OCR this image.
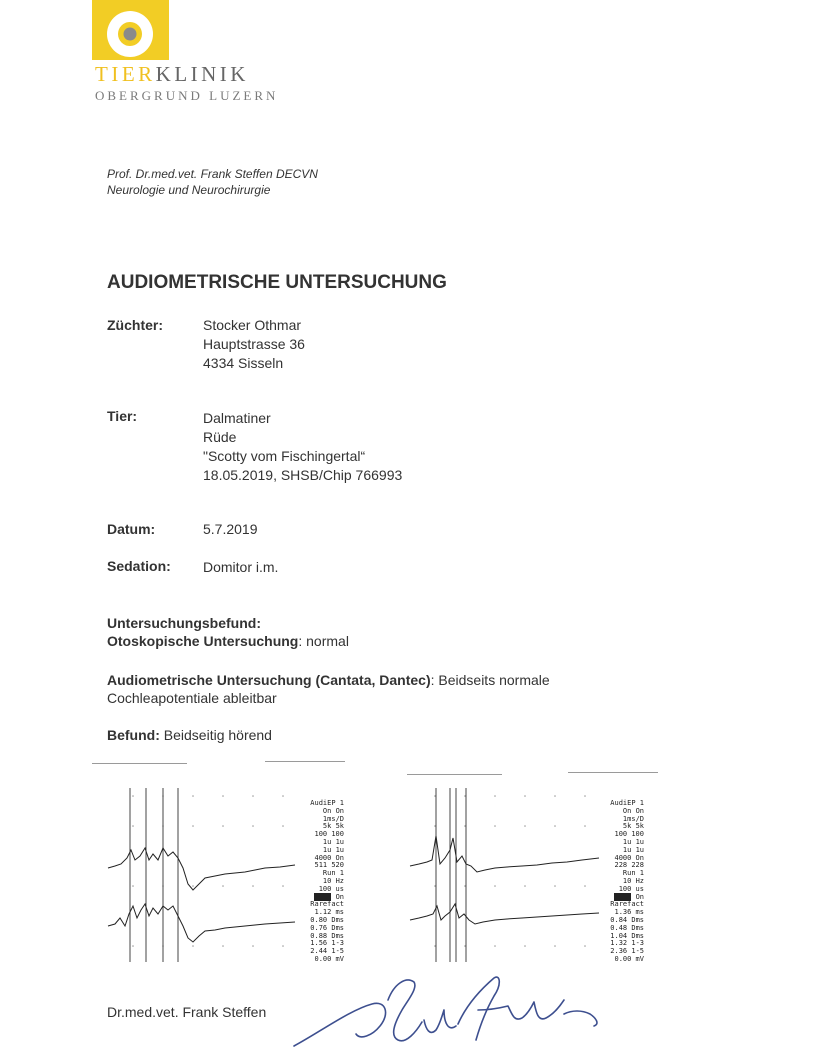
TIERKLINIK
OBERGRUND LUZERN
Prof. Dr.med.vet. Frank Steffen DECVN
Neurologie und Neurochirurgie
AUDIOMETRISCHE UNTERSUCHUNG
Züchter:	Stocker Othmar
Hauptstrasse 36
4334 Sisseln
Tier:	Dalmatiner
Rüde
"Scotty vom Fischingertal“
18.05.2019, SHSB/Chip 766993
Datum:	5.7.2019
Sedation: Domitor i.m.
Untersuchungsbefund:
Otoskopische Untersuchung: normal
Audiometrische Untersuchung (Cantata, Dantec): Beidseits normale Cochleapotentiale ableitbar
Befund: Beidseitig hörend
AudiEP 1
On On
1ms/D
5k 5k
100 100
1u 1u
1u 1u
4000 On
511 520
Run 1
10 Hz
100 us
On
Rarefact
1.12 ms
0.80 Dms
0.76 Dms
0.88 Dms
1.56 1-3
2.44 1-5
0.00 mV
AudiEP 1
On On
1ms/D
5k 5k
100 100
1u 1u
1u 1u
4000 On
228 228
Run 1
10 Hz
100 us
On
Rarefact
1.36 ms
0.84 Dms
0.48 Dms
1.04 Dms
1.32 1-3
2.36 1-5
0.00 mV
Dr.med.vet. Frank Steffen
